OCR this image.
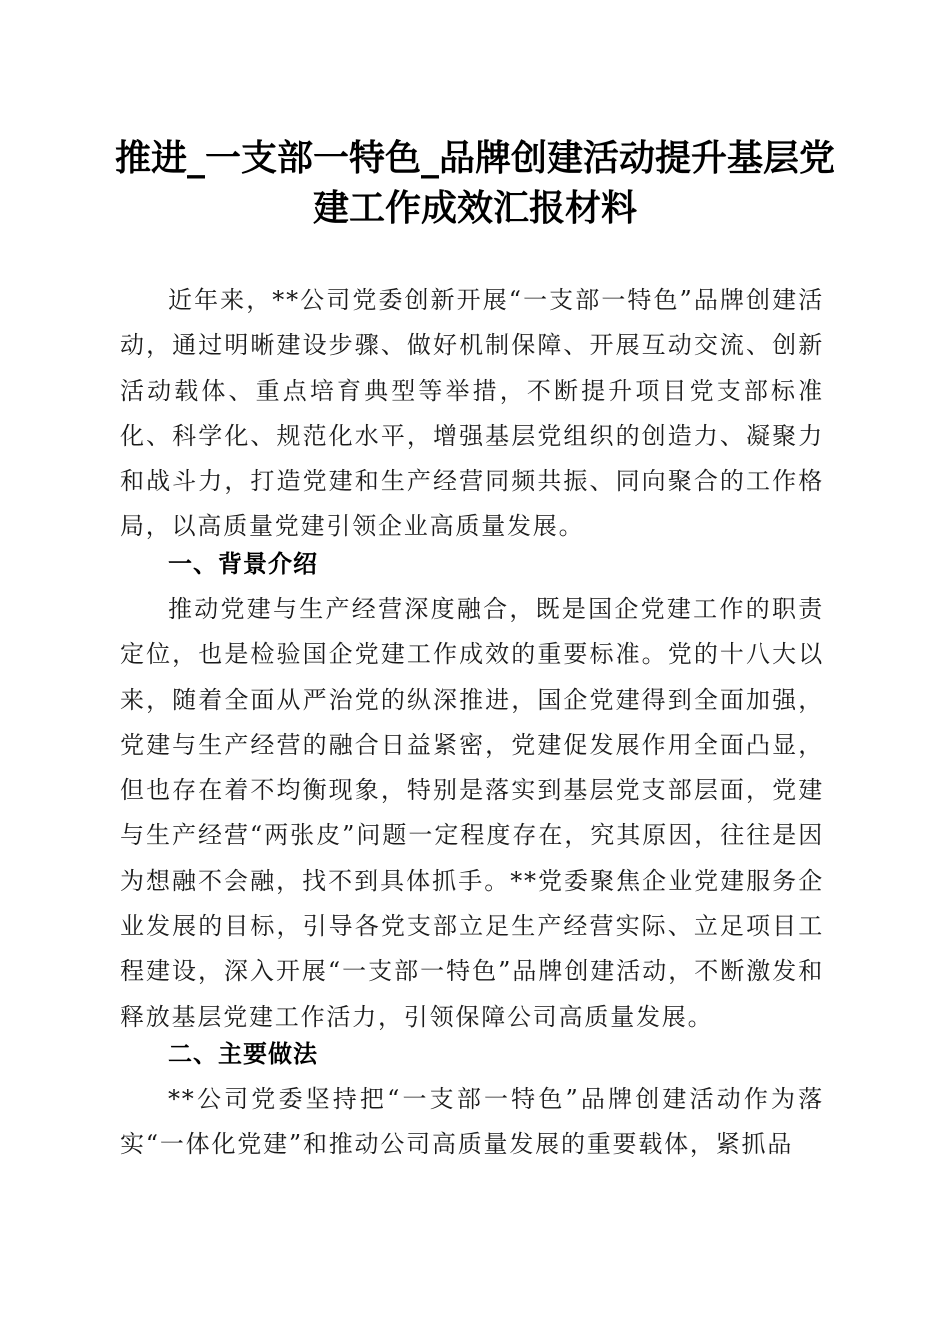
推进_一支部一特色_品牌创建活动提升基层党
建工作成效汇报材料

近年来，**公司党委创新开展“一支部一特色”品牌创建活动，通过明晰建设步骤、做好机制保障、开展互动交流、创新活动载体、重点培育典型等举措，不断提升项目党支部标准化、科学化、规范化水平，增强基层党组织的创造力、凝聚力和战斗力，打造党建和生产经营同频共振、同向聚合的工作格局，以高质量党建引领企业高质量发展。

一、背景介绍

推动党建与生产经营深度融合，既是国企党建工作的职责定位，也是检验国企党建工作成效的重要标准。党的十八大以来，随着全面从严治党的纵深推进，国企党建得到全面加强，党建与生产经营的融合日益紧密，党建促发展作用全面凸显，但也存在着不均衡现象，特别是落实到基层党支部层面，党建与生产经营“两张皮”问题一定程度存在，究其原因，往往是因为想融不会融，找不到具体抓手。**党委聚焦企业党建服务企业发展的目标，引导各党支部立足生产经营实际、立足项目工程建设，深入开展“一支部一特色”品牌创建活动，不断激发和释放基层党建工作活力，引领保障公司高质量发展。

二、主要做法

**公司党委坚持把“一支部一特色”品牌创建活动作为落实“一体化党建”和推动公司高质量发展的重要载体，紧抓品
